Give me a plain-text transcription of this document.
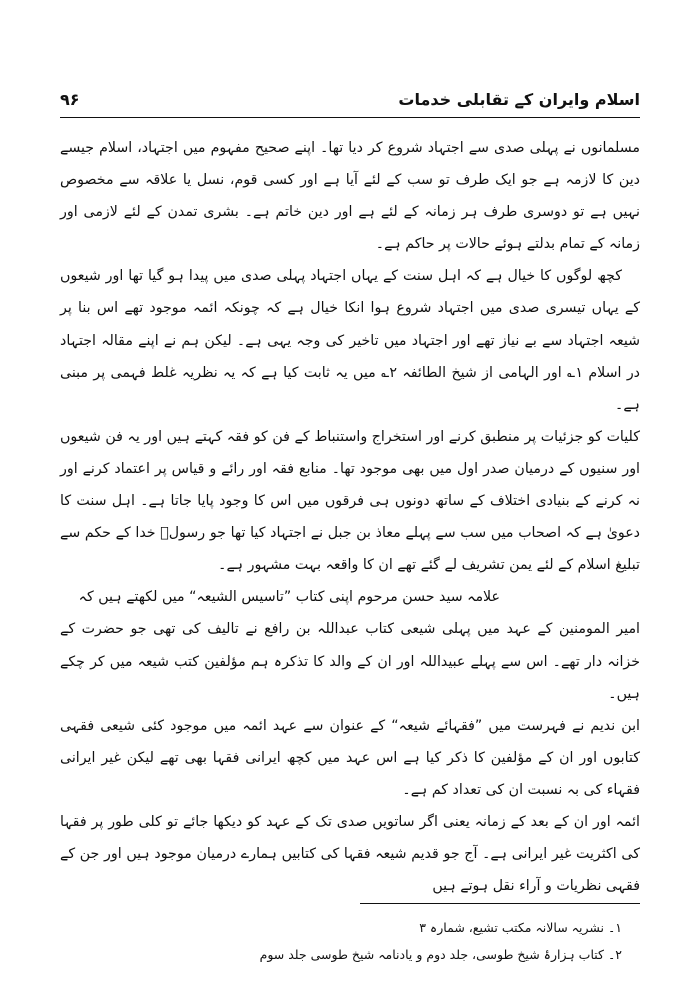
۹۶	اسلام وایران کے تقابلی خدمات

مسلمانوں نے پہلی صدی سے اجتہاد شروع کر دیا تھا۔ اپنے صحیح مفہوم میں اجتہاد، اسلام جیسے دین کا لازمہ ہے جو ایک طرف تو سب کے لئے آیا ہے اور کسی قوم، نسل یا علاقہ سے مخصوص نہیں ہے تو دوسری طرف ہر زمانہ کے لئے ہے اور دین خاتم ہے۔ بشری تمدن کے لئے لازمی اور زمانہ کے تمام بدلتے ہوئے حالات پر حاکم ہے۔

کچھ لوگوں کا خیال ہے کہ اہل سنت کے یہاں اجتہاد پہلی صدی میں پیدا ہو گیا تھا اور شیعوں کے یہاں تیسری صدی میں اجتہاد شروع ہوا انکا خیال ہے کہ چونکہ ائمہ موجود تھے اس بنا پر شیعہ اجتہاد سے بے نیاز تھے اور اجتہاد میں تاخیر کی وجہ یہی ہے۔ لیکن ہم نے اپنے مقالہ اجتہاد در اسلام ۱؎ اور الہامی از شیخ الطائفہ ۲؎ میں یہ ثابت کیا ہے کہ یہ نظریہ غلط فہمی پر مبنی ہے۔

کلیات کو جزئیات پر منطبق کرنے اور استخراج واستنباط کے فن کو فقہ کہتے ہیں اور یہ فن شیعوں اور سنیوں کے درمیان صدر اول میں بھی موجود تھا۔ منابع فقہ اور رائے و قیاس پر اعتماد کرنے اور نہ کرنے کے بنیادی اختلاف کے ساتھ دونوں ہی فرقوں میں اس کا وجود پایا جاتا ہے۔ اہل سنت کا دعویٰ ہے کہ اصحاب میں سب سے پہلے معاذ بن جبل نے اجتہاد کیا تھا جو رسولؐ خدا کے حکم سے تبلیغ اسلام کے لئے یمن تشریف لے گئے تھے ان کا واقعہ بہت مشہور ہے۔

علامہ سید حسن مرحوم اپنی کتاب ”تاسیس الشیعہ“ میں لکھتے ہیں کہ

امیر المومنین کے عہد میں پہلی شیعی کتاب عبداللہ بن رافع نے تالیف کی تھی جو حضرت کے خزانہ دار تھے۔ اس سے پہلے عبیداللہ اور ان کے والد کا تذکرہ ہم مؤلفین کتب شیعہ میں کر چکے ہیں۔

ابن ندیم نے فہرست میں ”فقہائے شیعہ“ کے عنوان سے عہد ائمہ میں موجود کئی شیعی فقہی کتابوں اور ان کے مؤلفین کا ذکر کیا ہے اس عہد میں کچھ ایرانی فقہا بھی تھے لیکن غیر ایرانی فقہاء کی بہ نسبت ان کی تعداد کم ہے۔

ائمہ اور ان کے بعد کے زمانہ یعنی اگر ساتویں صدی تک کے عہد کو دیکھا جائے تو کلی طور پر فقہا کی اکثریت غیر ایرانی ہے۔ آج جو قدیم شیعہ فقہا کی کتابیں ہمارے درمیان موجود ہیں اور جن کے فقہی نظریات و آراء نقل ہوتے ہیں

۱۔ نشریہ سالانہ مکتب تشیع، شمارہ ۳
۲۔ کتاب ہزارۂ شیخ طوسی، جلد دوم و یادنامہ شیخ طوسی جلد سوم
